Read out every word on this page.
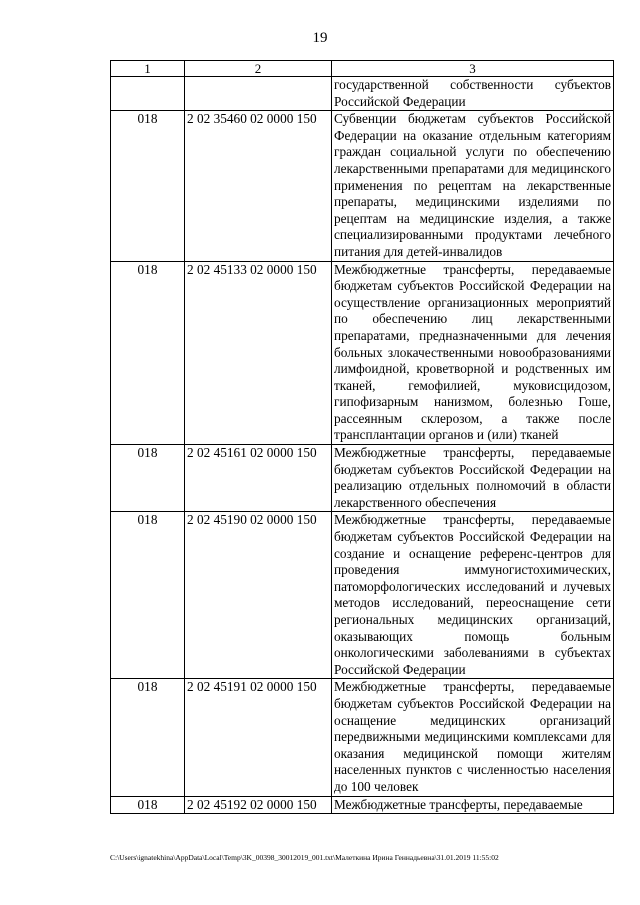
19
1	2	3
		государственной собственности субъектов Российской Федерации
018	2 02 35460 02 0000 150	Субвенции бюджетам субъектов Российской Федерации на оказание отдельным категориям граждан социальной услуги по обеспечению лекарственными препаратами для медицинского применения по рецептам на лекарственные препараты, медицинскими изделиями по рецептам на медицинские изделия, а также специализированными продуктами лечебного питания для детей-инвалидов
018	2 02 45133 02 0000 150	Межбюджетные трансферты, передаваемые бюджетам субъектов Российской Федерации на осуществление организационных мероприятий по обеспечению лиц лекарственными препаратами, предназначенными для лечения больных злокачественными новообразованиями лимфоидной, кроветворной и родственных им тканей, гемофилией, муковисцидозом, гипофизарным нанизмом, болезнью Гоше, рассеянным склерозом, а также после трансплантации органов и (или) тканей
018	2 02 45161 02 0000 150	Межбюджетные трансферты, передаваемые бюджетам субъектов Российской Федерации на реализацию отдельных полномочий в области лекарственного обеспечения
018	2 02 45190 02 0000 150	Межбюджетные трансферты, передаваемые бюджетам субъектов Российской Федерации на создание и оснащение референс-центров для проведения иммуногистохимических, патоморфологических исследований и лучевых методов исследований, переоснащение сети региональных медицинских организаций, оказывающих помощь больным онкологическими заболеваниями в субъектах Российской Федерации
018	2 02 45191 02 0000 150	Межбюджетные трансферты, передаваемые бюджетам субъектов Российской Федерации на оснащение медицинских организаций передвижными медицинскими комплексами для оказания медицинской помощи жителям населенных пунктов с численностью населения до 100 человек
018	2 02 45192 02 0000 150	Межбюджетные трансферты, передаваемые
C:\Users\ignatekhina\AppData\Local\Temp\3K_00398_30012019_001.txt\Малеткина Ирина Геннадьевна\31.01.2019 11:55:02
